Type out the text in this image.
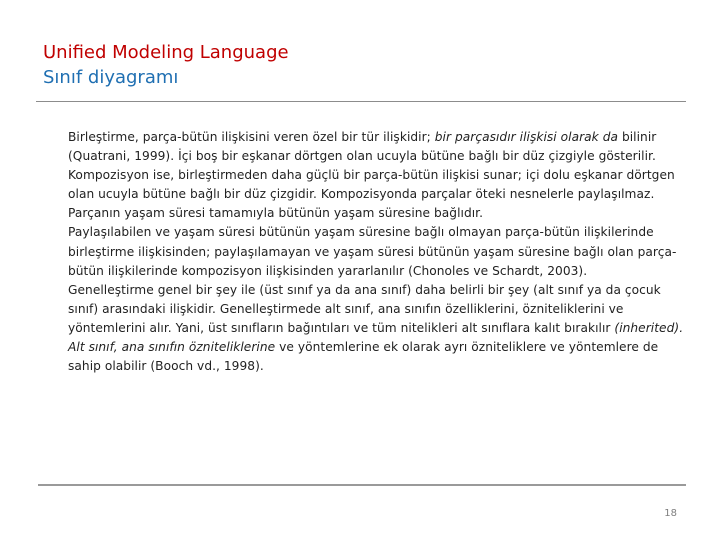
Unified Modeling Language
Sınıf diyagramı

Birleştirme, parça-bütün ilişkisini veren özel bir tür ilişkidir; bir parçasıdır ilişkisi olarak da bilinir (Quatrani, 1999). İçi boş bir eşkanar dörtgen olan ucuyla bütüne bağlı bir düz çizgiyle gösterilir.

Kompozisyon ise, birleştirmeden daha güçlü bir parça-bütün ilişkisi sunar; içi dolu eşkanar dörtgen olan ucuyla bütüne bağlı bir düz çizgidir. Kompozisyonda parçalar öteki nesnelerle paylaşılmaz. Parçanın yaşam süresi tamamıyla bütünün yaşam süresine bağlıdır.

Paylaşılabilen ve yaşam süresi bütünün yaşam süresine bağlı olmayan parça-bütün ilişkilerinde birleştirme ilişkisinden; paylaşılamayan ve yaşam süresi bütünün yaşam süresine bağlı olan parça-bütün ilişkilerinde kompozisyon ilişkisinden yararlanılır (Chonoles ve Schardt, 2003).

Genelleştirme genel bir şey ile (üst sınıf ya da ana sınıf) daha belirli bir şey (alt sınıf ya da çocuk sınıf) arasındaki ilişkidir. Genelleştirmede alt sınıf, ana sınıfın özelliklerini, özniteliklerini ve yöntemlerini alır. Yani, üst sınıfların bağıntıları ve tüm nitelikleri alt sınıflara kalıt bırakılır (inherited). Alt sınıf, ana sınıfın özniteliklerine ve yöntemlerine ek olarak ayrı özniteliklere ve yöntemlere de sahip olabilir (Booch vd., 1998).

18
